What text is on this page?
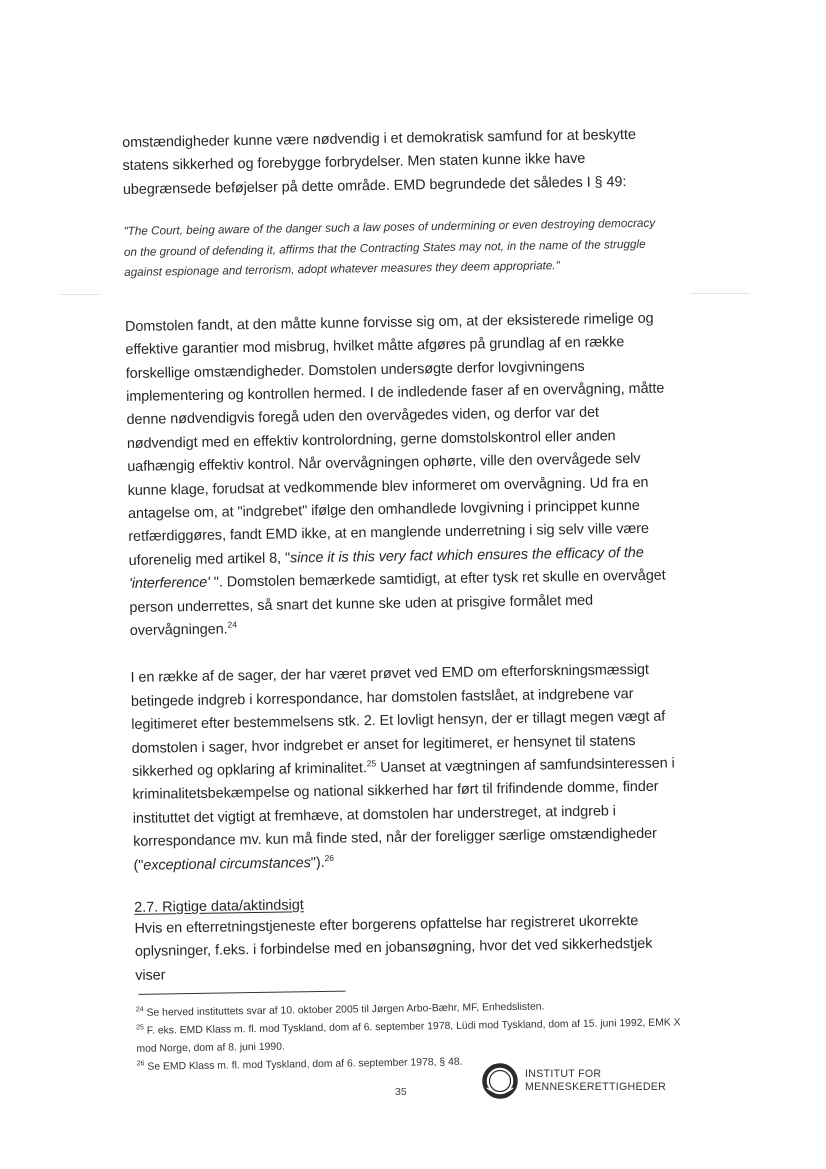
omstændigheder kunne være nødvendig i et demokratisk samfund for at beskytte statens sikkerhed og forebygge forbrydelser. Men staten kunne ikke have ubegrænsede beføjelser på dette område. EMD begrundede det således I § 49:

"The Court, being aware of the danger such a law poses of undermining or even destroying democracy on the ground of defending it, affirms that the Contracting States may not, in the name of the struggle against espionage and terrorism, adopt whatever measures they deem appropriate."

Domstolen fandt, at den måtte kunne forvisse sig om, at der eksisterede rimelige og effektive garantier mod misbrug, hvilket måtte afgøres på grundlag af en række forskellige omstændigheder. Domstolen undersøgte derfor lovgivningens implementering og kontrollen hermed. I de indledende faser af en overvågning, måtte denne nødvendigvis foregå uden den overvågedes viden, og derfor var det nødvendigt med en effektiv kontrolordning, gerne domstolskontrol eller anden uafhængig effektiv kontrol. Når overvågningen ophørte, ville den overvågede selv kunne klage, forudsat at vedkommende blev informeret om overvågning. Ud fra en antagelse om, at "indgrebet" ifølge den omhandlede lovgivning i princippet kunne retfærdiggøres, fandt EMD ikke, at en manglende underretning i sig selv ville være uforenelig med artikel 8, "since it is this very fact which ensures the efficacy of the 'interference' ". Domstolen bemærkede samtidigt, at efter tysk ret skulle en overvåget person underrettes, så snart det kunne ske uden at prisgive formålet med overvågningen.$^{24}$

I en række af de sager, der har været prøvet ved EMD om efterforskningsmæssigt betingede indgreb i korrespondance, har domstolen fastslået, at indgrebene var legitimeret efter bestemmelsens stk. 2. Et lovligt hensyn, der er tillagt megen vægt af domstolen i sager, hvor indgrebet er anset for legitimeret, er hensynet til statens sikkerhed og opklaring af kriminalitet.$^{25}$ Uanset at vægtningen af samfundsinteressen i kriminalitetsbekæmpelse og national sikkerhed har ført til frifindende domme, finder instituttet det vigtigt at fremhæve, at domstolen har understreget, at indgreb i korrespondance mv. kun må finde sted, når der foreligger særlige omstændigheder ("exceptional circumstances").$^{26}$

2.7. Rigtige data/aktindsigt

Hvis en efterretningstjeneste efter borgerens opfattelse har registreret ukorrekte oplysninger, f.eks. i forbindelse med en jobansøgning, hvor det ved sikkerhedstjek viser

$^{24}$ Se herved instituttets svar af 10. oktober 2005 til Jørgen Arbo-Bæhr, MF, Enhedslisten.

$^{25}$ F. eks. EMD Klass m. fl. mod Tyskland, dom af 6. september 1978, Lüdi mod Tyskland, dom af 15. juni 1992, EMK X mod Norge, dom af 8. juni 1990.

$^{26}$ Se EMD Klass m. fl. mod Tyskland, dom af 6. september 1978, § 48.

35
INSTITUT FOR
MENNESKERETTIGHEDER
